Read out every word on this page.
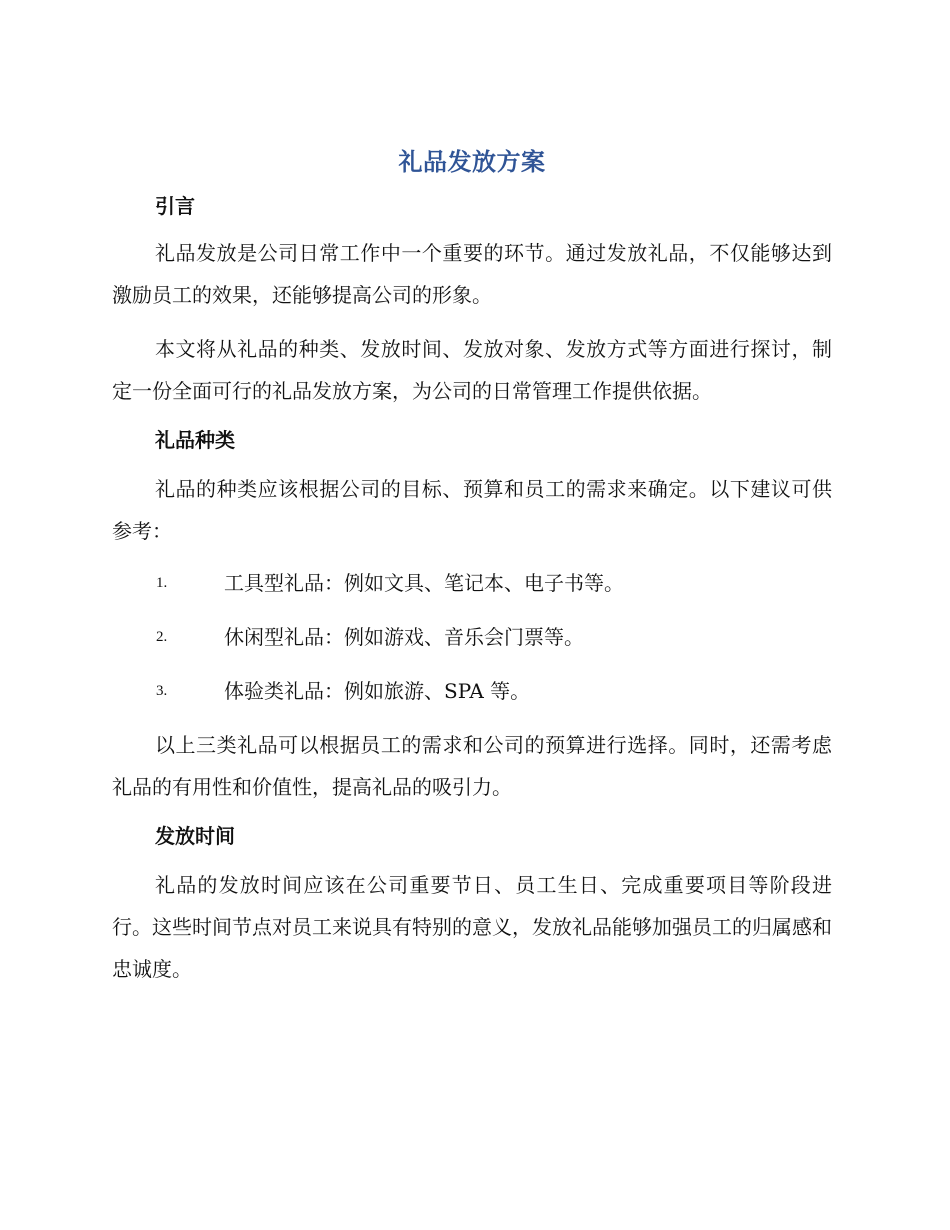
礼品发放方案
引言

礼品发放是公司日常工作中一个重要的环节。通过发放礼品，不仅能够达到激励员工的效果，还能够提高公司的形象。

本文将从礼品的种类、发放时间、发放对象、发放方式等方面进行探讨，制定一份全面可行的礼品发放方案，为公司的日常管理工作提供依据。

礼品种类

礼品的种类应该根据公司的目标、预算和员工的需求来确定。以下建议可供参考：

1.	工具型礼品：例如文具、笔记本、电子书等。
2.	休闲型礼品：例如游戏、音乐会门票等。
3.	体验类礼品：例如旅游、SPA 等。

以上三类礼品可以根据员工的需求和公司的预算进行选择。同时，还需考虑礼品的有用性和价值性，提高礼品的吸引力。

发放时间

礼品的发放时间应该在公司重要节日、员工生日、完成重要项目等阶段进行。这些时间节点对员工来说具有特别的意义，发放礼品能够加强员工的归属感和忠诚度。
